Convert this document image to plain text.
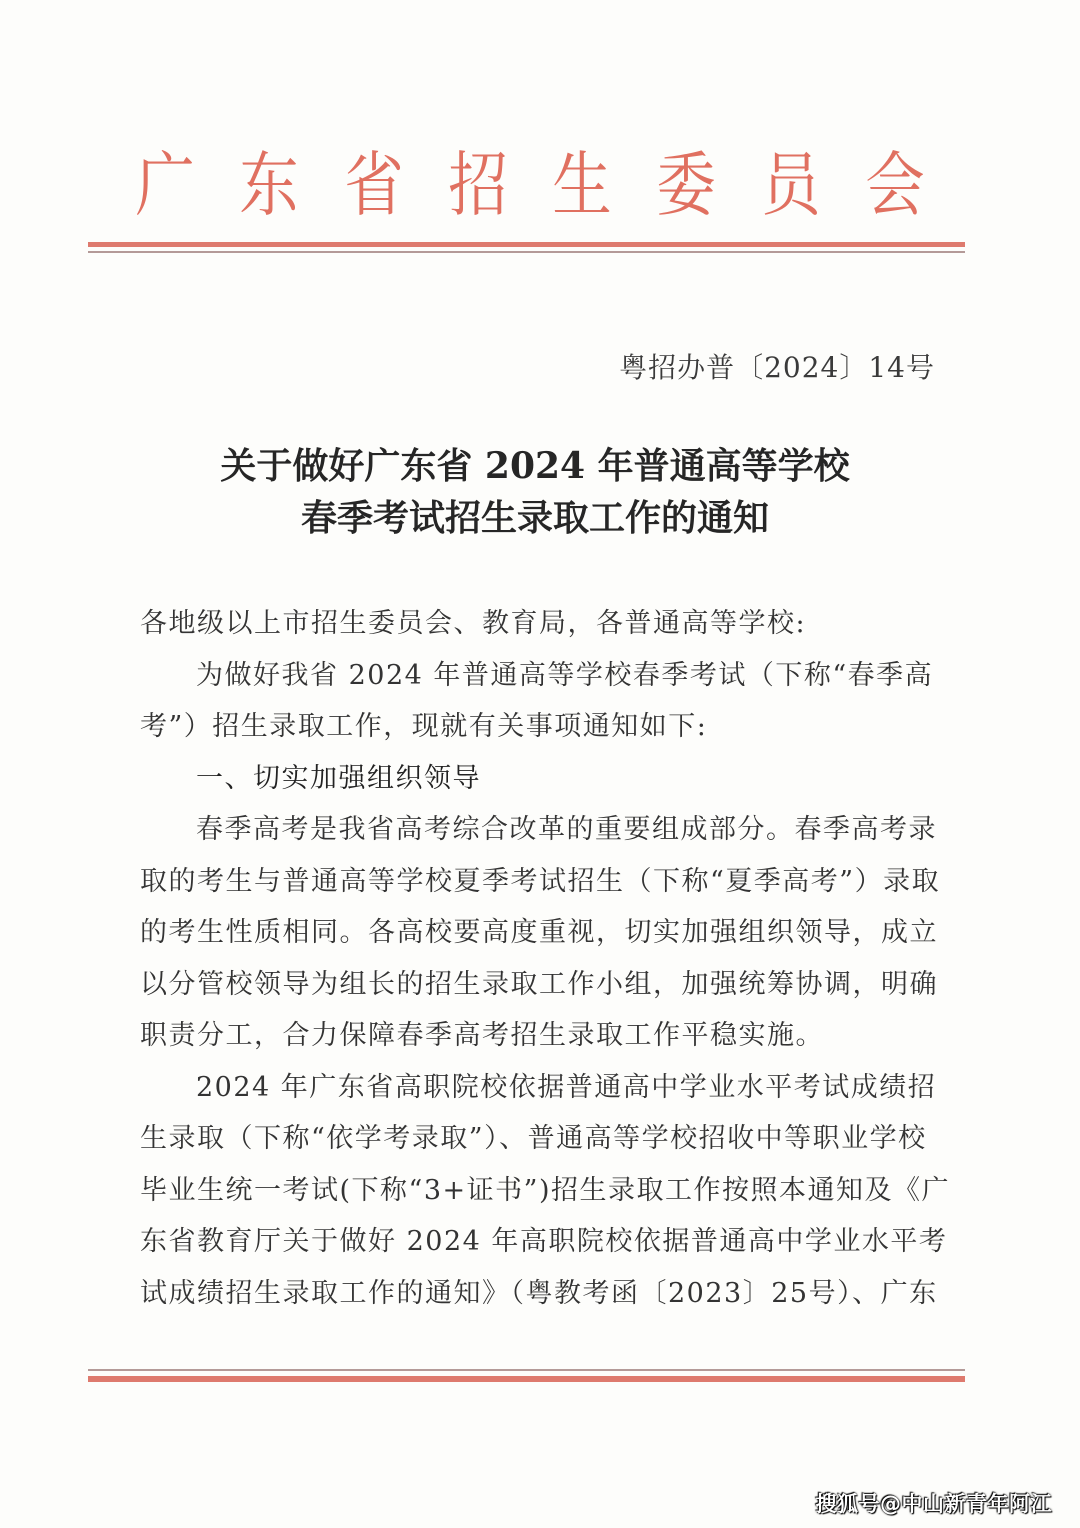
广 东 省 招 生 委 员 会
粤招办普〔2024〕14号
关于做好广东省 2024 年普通高等学校
春季考试招生录取工作的通知
各地级以上市招生委员会、教育局，各普通高等学校:
为做好我省 2024 年普通高等学校春季考试（下称“春季高
考”）招生录取工作，现就有关事项通知如下:
一、切实加强组织领导
春季高考是我省高考综合改革的重要组成部分。春季高考录
取的考生与普通高等学校夏季考试招生（下称“夏季高考”）录取
的考生性质相同。各高校要高度重视，切实加强组织领导，成立
以分管校领导为组长的招生录取工作小组，加强统筹协调，明确
职责分工，合力保障春季高考招生录取工作平稳实施。
2024 年广东省高职院校依据普通高中学业水平考试成绩招
生录取（下称“依学考录取”）、普通高等学校招收中等职业学校
毕业生统一考试(下称“3+证书”)招生录取工作按照本通知及《广
东省教育厅关于做好 2024 年高职院校依据普通高中学业水平考
试成绩招生录取工作的通知》（粤教考函〔2023〕25号）、广东
搜狐号@中山新青年阿江
